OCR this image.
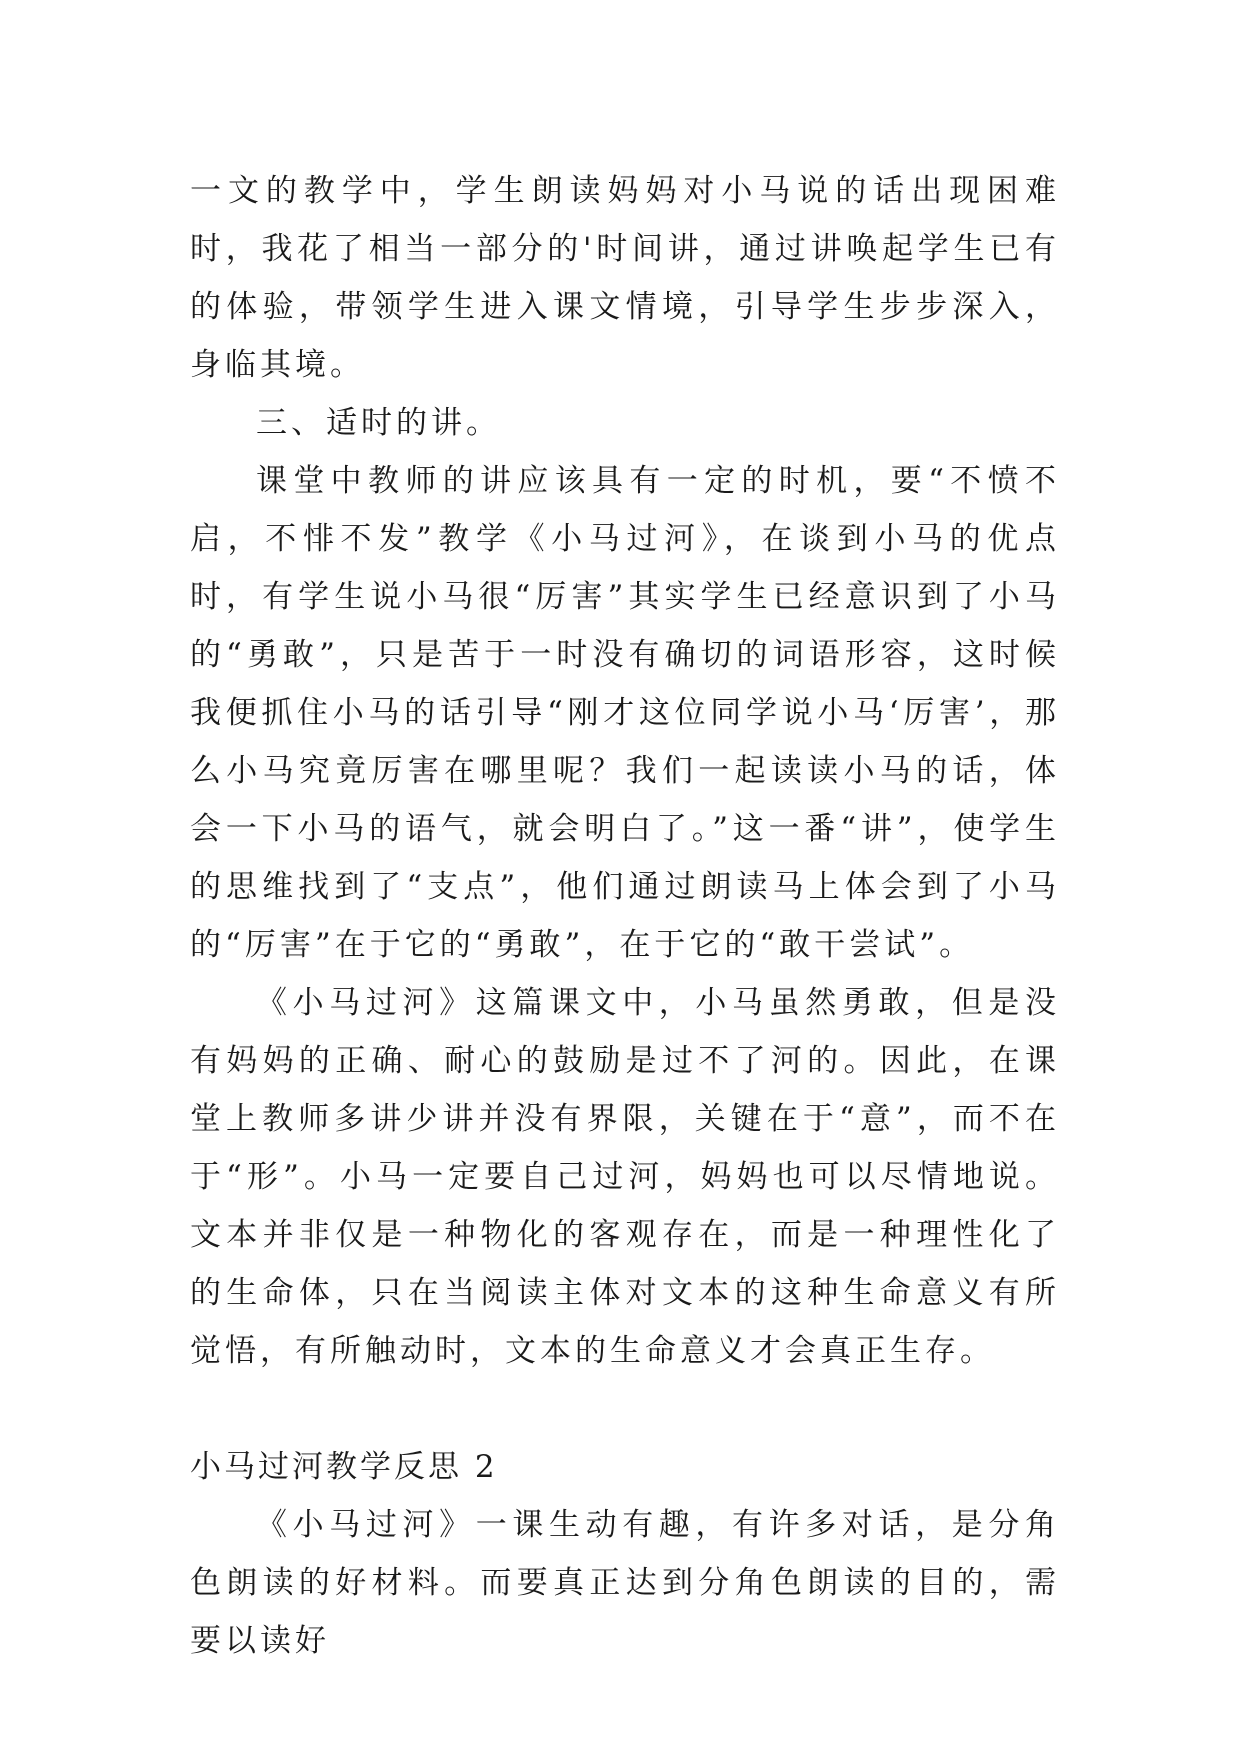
一文的教学中，学生朗读妈妈对小马说的话出现困难时，我花了相当一部分的'时间讲，通过讲唤起学生已有的体验，带领学生进入课文情境，引导学生步步深入，身临其境。

三、适时的讲。

课堂中教师的讲应该具有一定的时机，要“不愤不启，不悱不发”教学《小马过河》，在谈到小马的优点时，有学生说小马很“厉害”其实学生已经意识到了小马的“勇敢”，只是苦于一时没有确切的词语形容，这时候我便抓住小马的话引导“刚才这位同学说小马‘厉害’，那么小马究竟厉害在哪里呢？我们一起读读小马的话，体会一下小马的语气，就会明白了。”这一番“讲”，使学生的思维找到了“支点”，他们通过朗读马上体会到了小马的“厉害”在于它的“勇敢”，在于它的“敢干尝试”。

《小马过河》这篇课文中，小马虽然勇敢，但是没有妈妈的正确、耐心的鼓励是过不了河的。因此，在课堂上教师多讲少讲并没有界限，关键在于“意”，而不在于“形”。小马一定要自己过河，妈妈也可以尽情地说。文本并非仅是一种物化的客观存在，而是一种理性化了的生命体，只在当阅读主体对文本的这种生命意义有所觉悟，有所触动时，文本的生命意义才会真正生存。

小马过河教学反思 2

《小马过河》一课生动有趣，有许多对话，是分角色朗读的好材料。而要真正达到分角色朗读的目的，需要以读好
